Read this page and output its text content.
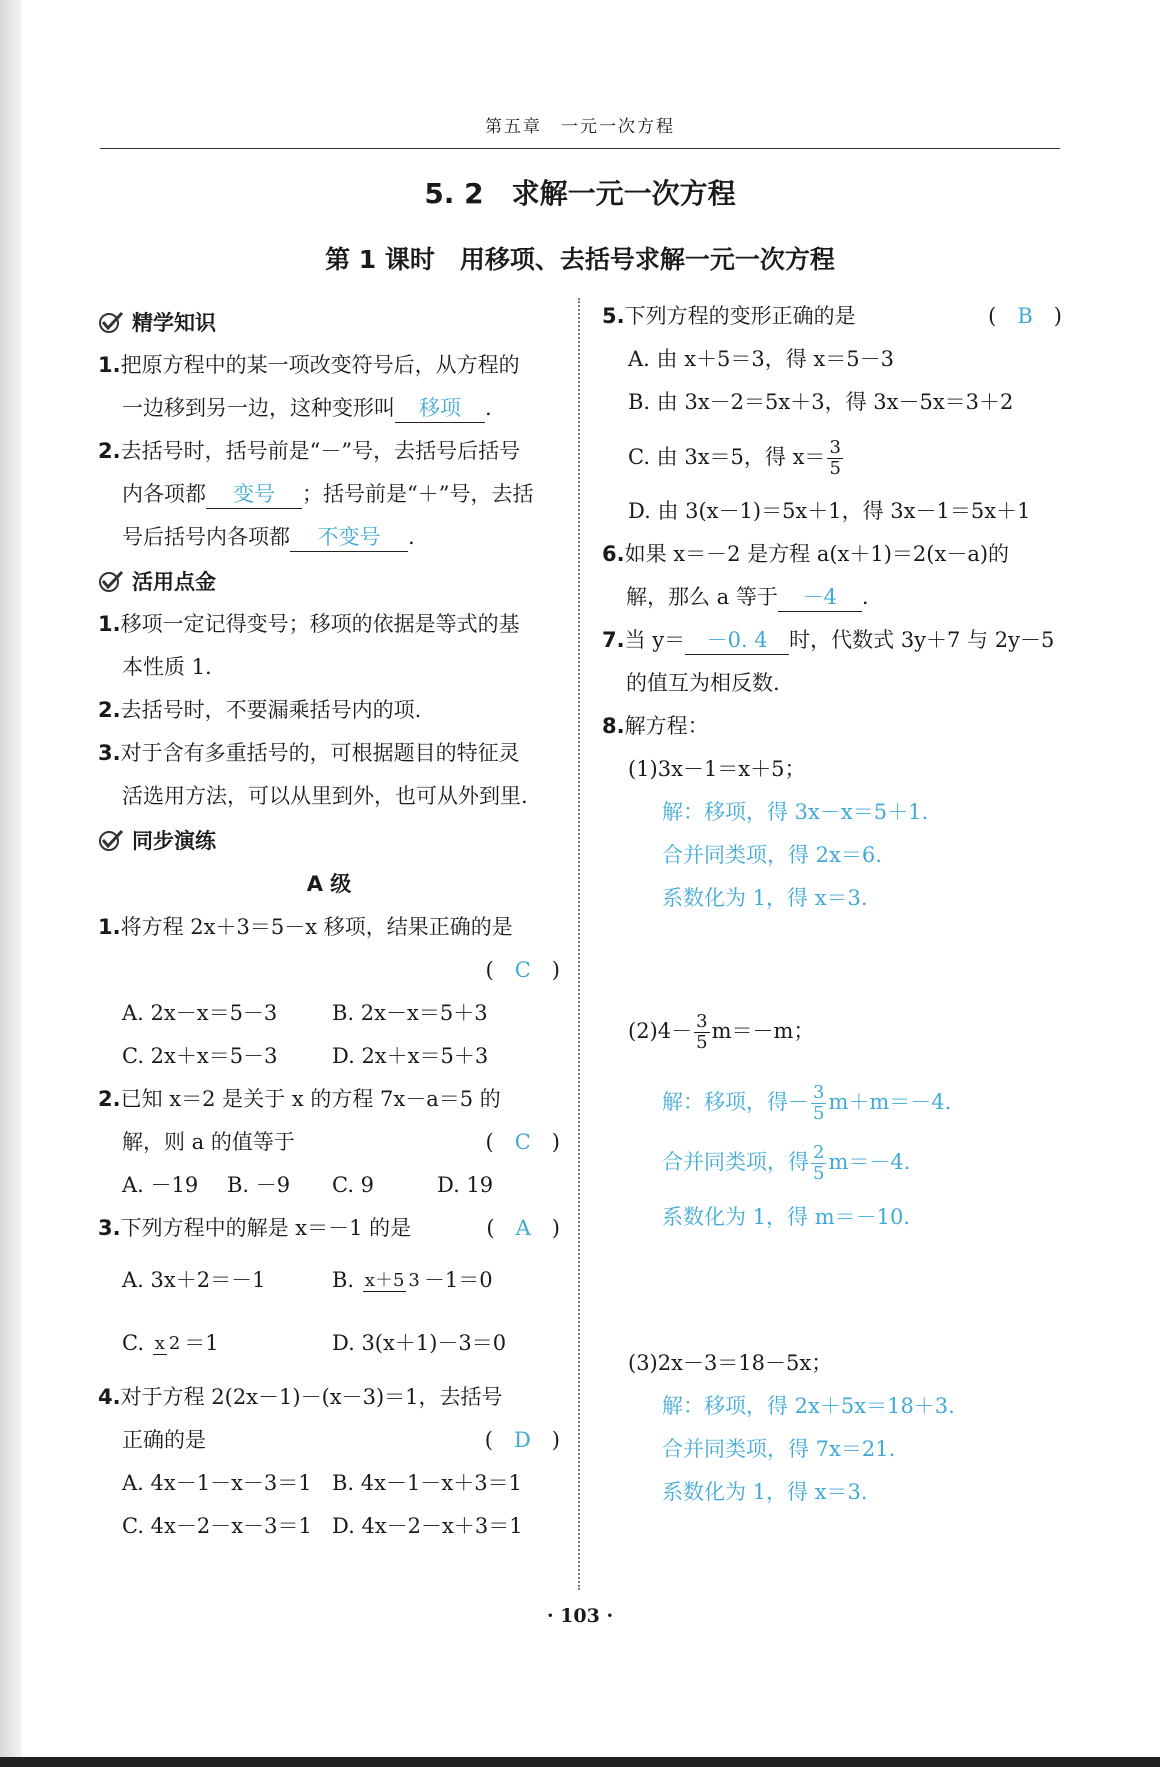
第五章　一元一次方程
5. 2　求解一元一次方程
第 1 课时　用移项、去括号求解一元一次方程
精学知识
1.把原方程中的某一项改变符号后，从方程的
一边移到另一边，这种变形叫 移项 .
2.去括号时，括号前是“－”号，去括号后括号
内各项都 变号 ；括号前是“＋”号，去括
号后括号内各项都 不变号 .
活用点金
1.移项一定记得变号；移项的依据是等式的基
本性质 1.
2.去括号时，不要漏乘括号内的项.
3.对于含有多重括号的，可根据题目的特征灵
活选用方法，可以从里到外，也可从外到里.
同步演练
A 级
1.将方程 2x＋3＝5－x 移项，结果正确的是
(　C　)
A. 2x－x＝5－3	B. 2x－x＝5＋3
C. 2x＋x＝5－3	D. 2x＋x＝5＋3
2.已知 x＝2 是关于 x 的方程 7x－a＝5 的
解，则 a 的值等于	(　C　)
A. －19	B. －9	C. 9	D. 19
3.下列方程中的解是 x＝－1 的是	(　A　)
A. 3x＋2＝－1	B. x＋5 3 －1＝0
C. x 2 ＝1	D. 3(x＋1)－3＝0
4.对于方程 2(2x－1)－(x－3)＝1，去括号
正确的是	(　D　)
A. 4x－1－x－3＝1 B. 4x－1－x＋3＝1
C. 4x－2－x－3＝1 D. 4x－2－x＋3＝1
5.下列方程的变形正确的是	(　B　)
A. 由 x＋5＝3，得 x＝5－3
B. 由 3x－2＝5x＋3，得 3x－5x＝3＋2
C. 由 3x＝5，得 $x= \frac{3}{5}$
D. 由 3(x－1)＝5x＋1，得 3x－1＝5x＋1
6.如果 x＝－2 是方程 a(x＋1)＝2(x－a)的
解，那么 a 等于 －4 .
7.当 y＝ －0. 4 时，代数式 3y＋7 与 2y－5
的值互为相反数.
8.解方程：
(1)3x－1＝x＋5；
解：移项，得 3x－x＝5＋1.
合并同类项，得 2x＝6.
系数化为 1，得 x＝3.
$(2)4- \frac{3}{5} m=-m$；
解：移项，得－ $\frac{3}{5} m+m=-4$.
合并同类项，得 $\frac{2}{5} m=-4$.
系数化为 1，得 m＝－10.
(3)2x－3＝18－5x；
解：移项，得 2x＋5x＝18＋3.
合并同类项，得 7x＝21.
系数化为 1，得 x＝3.
· 103 ·
